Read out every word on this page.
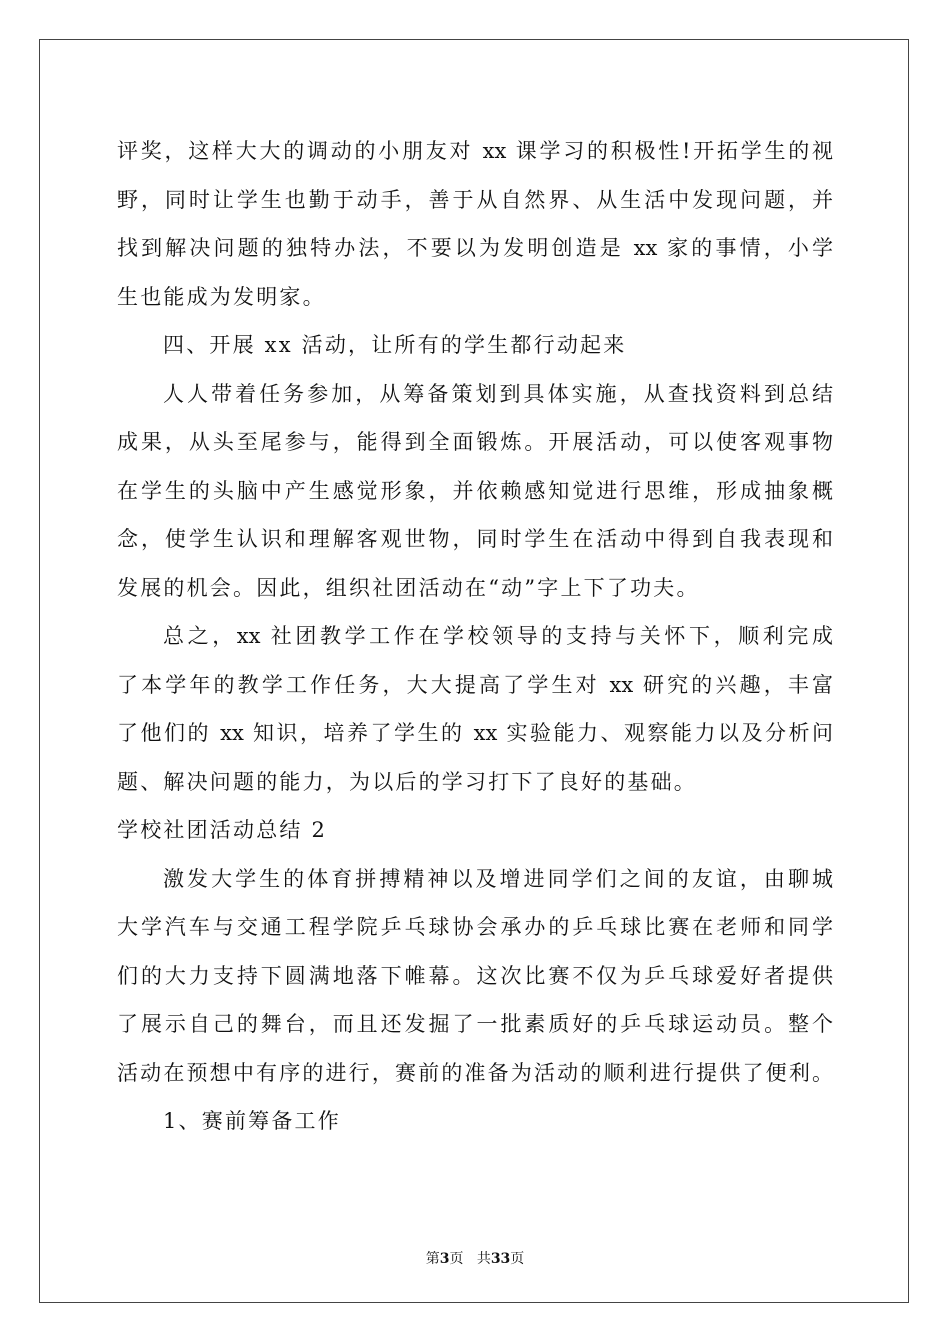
评奖，这样大大的调动的小朋友对 xx 课学习的积极性!开拓学生的视
野，同时让学生也勤于动手，善于从自然界、从生活中发现问题，并
找到解决问题的独特办法，不要以为发明创造是 xx 家的事情，小学
生也能成为发明家。
四、开展 xx 活动，让所有的学生都行动起来
人人带着任务参加，从筹备策划到具体实施，从查找资料到总结
成果，从头至尾参与，能得到全面锻炼。开展活动，可以使客观事物
在学生的头脑中产生感觉形象，并依赖感知觉进行思维，形成抽象概
念，使学生认识和理解客观世物，同时学生在活动中得到自我表现和
发展的机会。因此，组织社团活动在“动”字上下了功夫。
总之，xx 社团教学工作在学校领导的支持与关怀下，顺利完成
了本学年的教学工作任务，大大提高了学生对 xx 研究的兴趣，丰富
了他们的 xx 知识，培养了学生的 xx 实验能力、观察能力以及分析问
题、解决问题的能力，为以后的学习打下了良好的基础。
学校社团活动总结 2
激发大学生的体育拼搏精神以及增进同学们之间的友谊，由聊城
大学汽车与交通工程学院乒乓球协会承办的乒乓球比赛在老师和同学
们的大力支持下圆满地落下帷幕。这次比赛不仅为乒乓球爱好者提供
了展示自己的舞台，而且还发掘了一批素质好的乒乓球运动员。整个
活动在预想中有序的进行，赛前的准备为活动的顺利进行提供了便利。
1、赛前筹备工作
第3页 共33页
